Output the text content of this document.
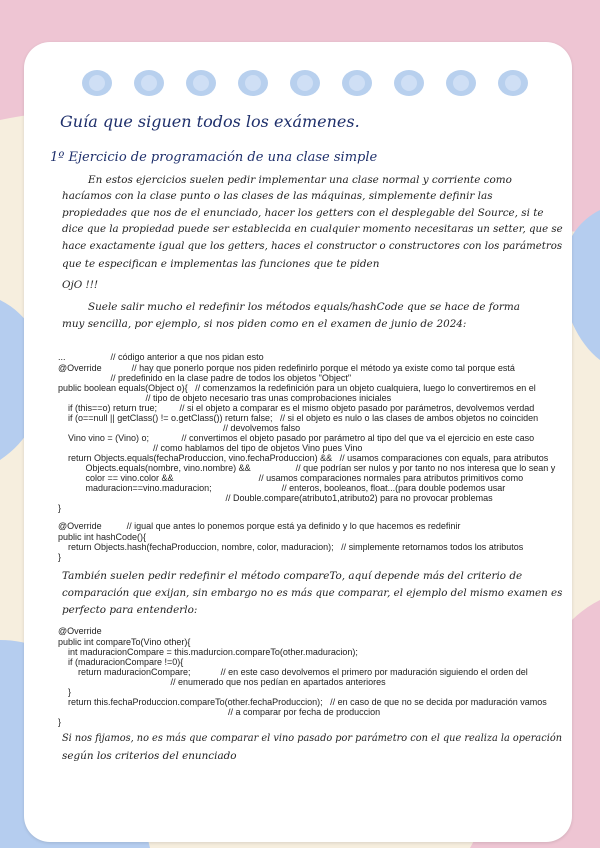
Guía que siguen todos los exámenes.
1º Ejercicio de programación de una clase simple
En estos ejercicios suelen pedir implementar una clase normal y corriente como
hacíamos con la clase punto o las clases de las máquinas, simplemente definir las
propiedades que nos de el enunciado, hacer los getters con el desplegable del Source, si te
dice que la propiedad puede ser establecida en cualquier momento necesitaras un setter, que se
hace exactamente igual que los getters, haces el constructor o constructores con los parámetros
que te especifican e implementas las funciones que te piden
OjO !!!
Suele salir mucho el redefinir los métodos equals/hashCode que se hace de forma
muy sencilla, por ejemplo, si nos piden como en el examen de junio de 2024:
...                  // código anterior a que nos pidan esto
@Override            // hay que ponerlo porque nos piden redefinirlo porque el método ya existe como tal porque está
// predefinido en la clase padre de todos los objetos "Object"
public boolean equals(Object o){   // comenzamos la redefinición para un objeto cualquiera, luego lo convertiremos en el
// tipo de objeto necesario tras unas comprobaciones iniciales
if (this==o) return true;         // si el objeto a comparar es el mismo objeto pasado por parámetros, devolvemos verdad
if (o==null || getClass() != o.getClass()) return false;   // si el objeto es nulo o las clases de ambos objetos no coinciden
// devolvemos falso
Vino vino = (Vino) o;             // convertimos el objeto pasado por parámetro al tipo del que va el ejercicio en este caso
// como hablamos del tipo de objetos Vino pues Vino
return Objects.equals(fechaProduccion, vino.fechaProduccion) &&   // usamos comparaciones con equals, para atributos
Objects.equals(nombre, vino.nombre) &&                  // que podrían ser nulos y por tanto no nos interesa que lo sean y
color == vino.color &&                                  // usamos comparaciones normales para atributos primitivos como
maduracion==vino.maduracion;                            // enteros, booleanos, float...(para double podemos usar
// Double.compare(atributo1,atributo2) para no provocar problemas
}
@Override          // igual que antes lo ponemos porque está ya definido y lo que hacemos es redefinir
public int hashCode(){
return Objects.hash(fechaProduccion, nombre, color, maduracion);   // simplemente retornamos todos los atributos
}
También suelen pedir redefinir el método compareTo, aquí depende más del criterio de
comparación que exijan, sin embargo no es más que comparar, el ejemplo del mismo examen es
perfecto para entenderlo:
@Override
public int compareTo(Vino other){
int maduracionCompare = this.madurcion.compareTo(other.maduracion);
if (maduracionCompare !=0){
return maduracionCompare;            // en este caso devolvemos el primero por maduración siguiendo el orden del
// enumerado que nos pedían en apartados anteriores
}
return this.fechaProduccion.compareTo(other.fechaProduccion);   // en caso de que no se decida por maduración vamos
// a comparar por fecha de produccion
}
Si nos fijamos, no es más que comparar el vino pasado por parámetro con el que realiza la operación
según los criterios del enunciado
